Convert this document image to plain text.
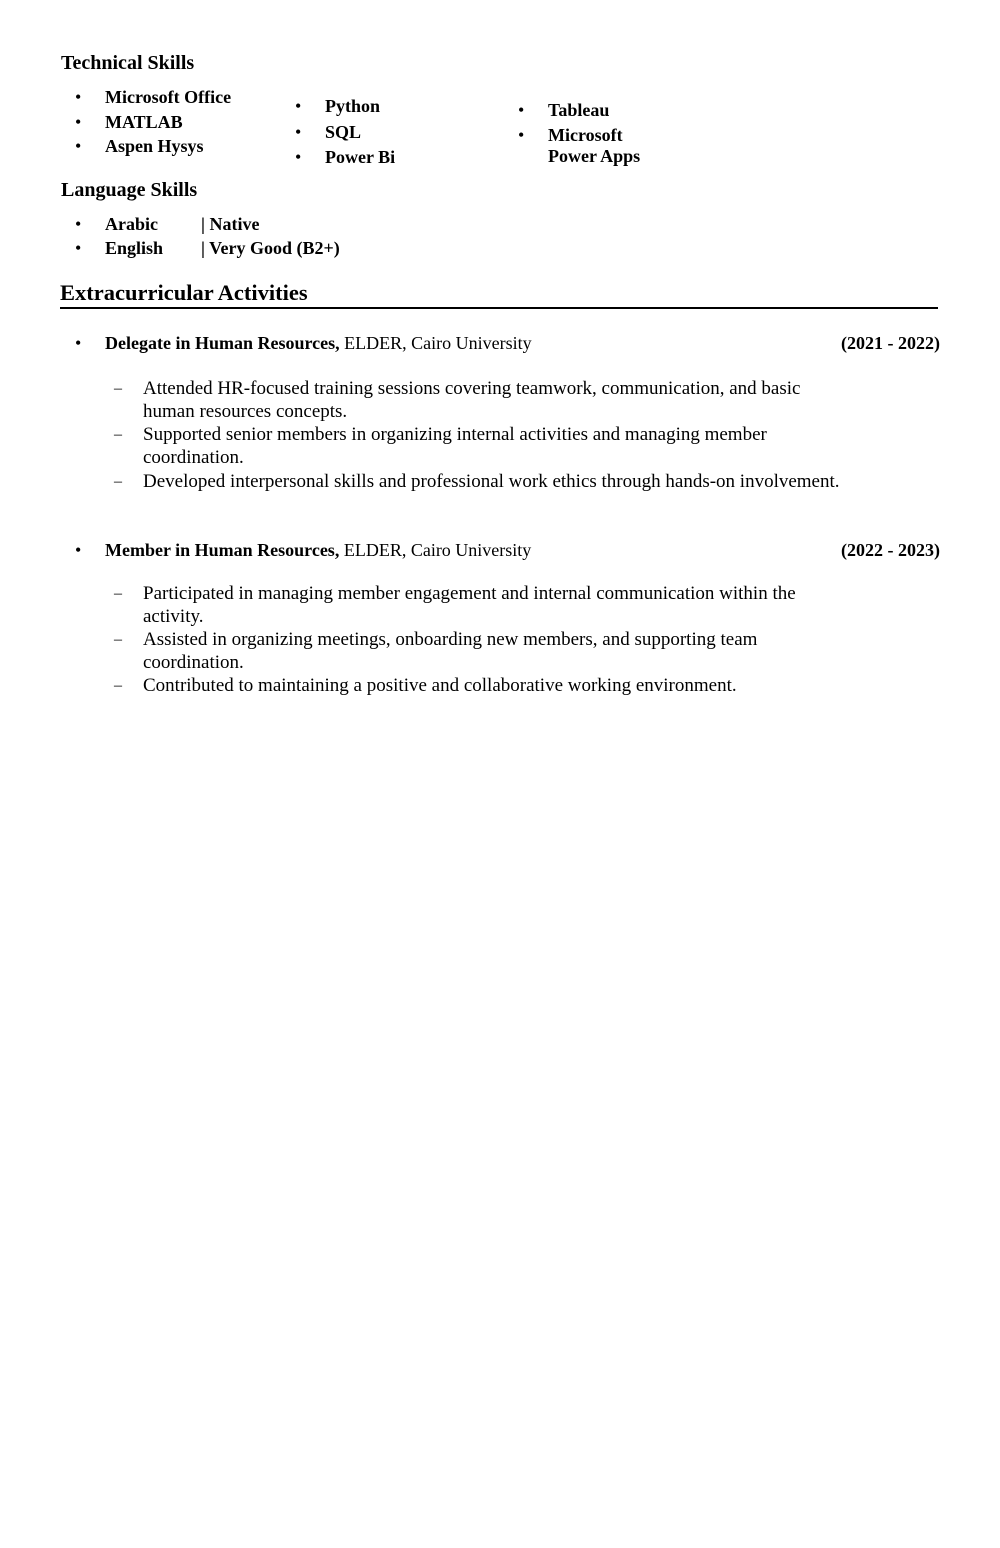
Technical Skills
• Microsoft Office
• MATLAB
• Aspen Hysys
• Python
• SQL
• Power Bi
• Tableau
• Microsoft
Power Apps
Language Skills
• Arabic | Native
• English | Very Good (B2+)
Extracurricular Activities
• Delegate in Human Resources, ELDER, Cairo University	(2021 - 2022)
– Attended HR-focused training sessions covering teamwork, communication, and basic human resources concepts.
– Supported senior members in organizing internal activities and managing member coordination.
– Developed interpersonal skills and professional work ethics through hands-on involvement.
• Member in Human Resources, ELDER, Cairo University	(2022 - 2023)
– Participated in managing member engagement and internal communication within the activity.
– Assisted in organizing meetings, onboarding new members, and supporting team coordination.
– Contributed to maintaining a positive and collaborative working environment.
